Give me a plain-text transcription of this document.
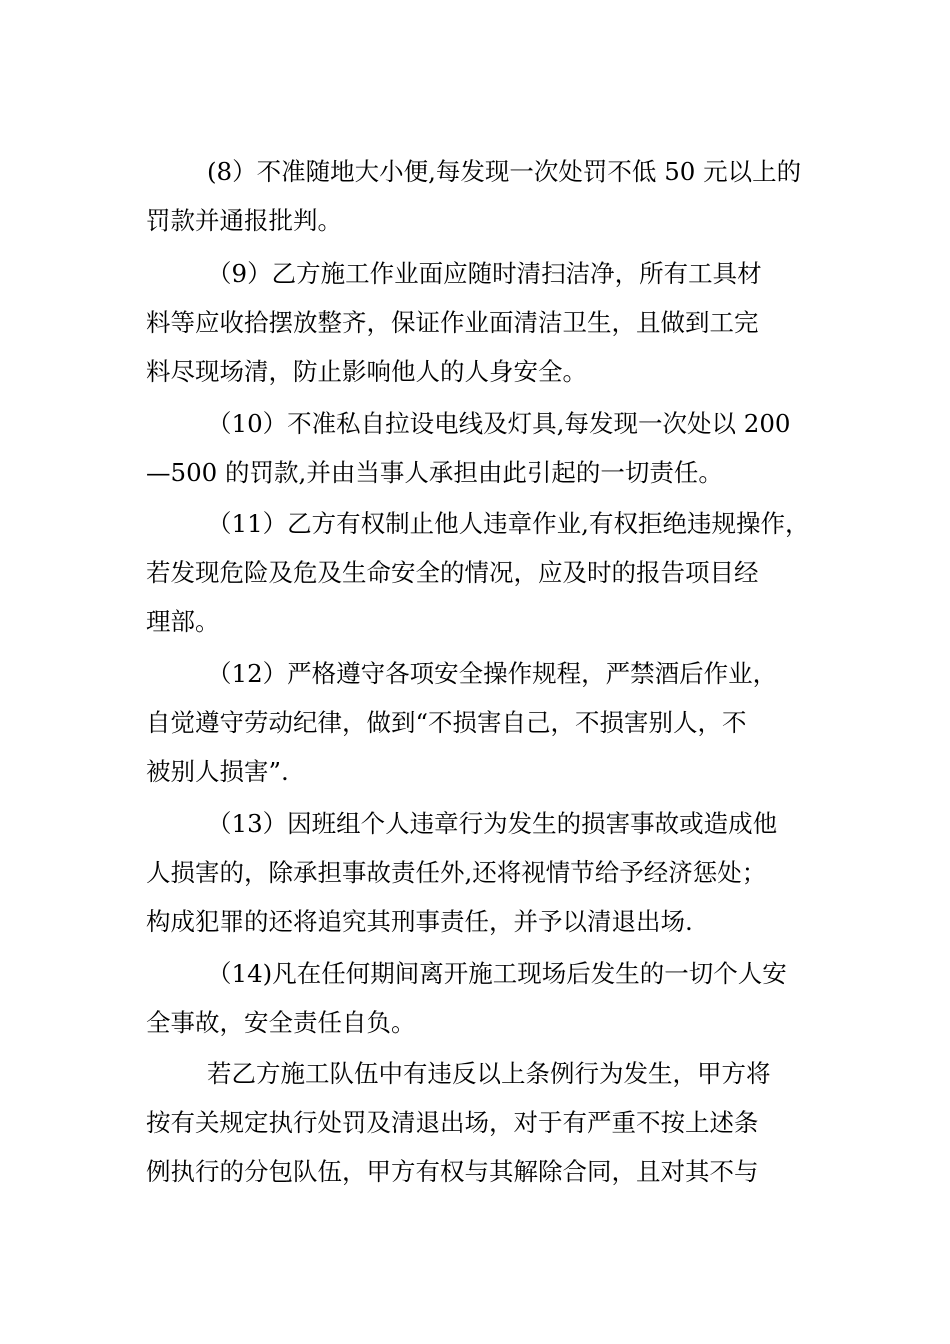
(8）不准随地大小便,每发现一次处罚不低 50 元以上的
罚款并通报批判。
（9）乙方施工作业面应随时清扫洁净，所有工具材
料等应收拾摆放整齐，保证作业面清洁卫生，且做到工完
料尽现场清，防止影响他人的人身安全。
（10）不准私自拉设电线及灯具,每发现一次处以 200
—500 的罚款,并由当事人承担由此引起的一切责任。
（11）乙方有权制止他人违章作业,有权拒绝违规操作，
若发现危险及危及生命安全的情况，应及时的报告项目经
理部。
（12）严格遵守各项安全操作规程，严禁酒后作业，
自觉遵守劳动纪律，做到“不损害自己，不损害别人，不
被别人损害”.
（13）因班组个人违章行为发生的损害事故或造成他
人损害的，除承担事故责任外,还将视情节给予经济惩处；
构成犯罪的还将追究其刑事责任，并予以清退出场.
（14)凡在任何期间离开施工现场后发生的一切个人安
全事故，安全责任自负。
若乙方施工队伍中有违反以上条例行为发生，甲方将
按有关规定执行处罚及清退出场，对于有严重不按上述条
例执行的分包队伍，甲方有权与其解除合同，且对其不与
